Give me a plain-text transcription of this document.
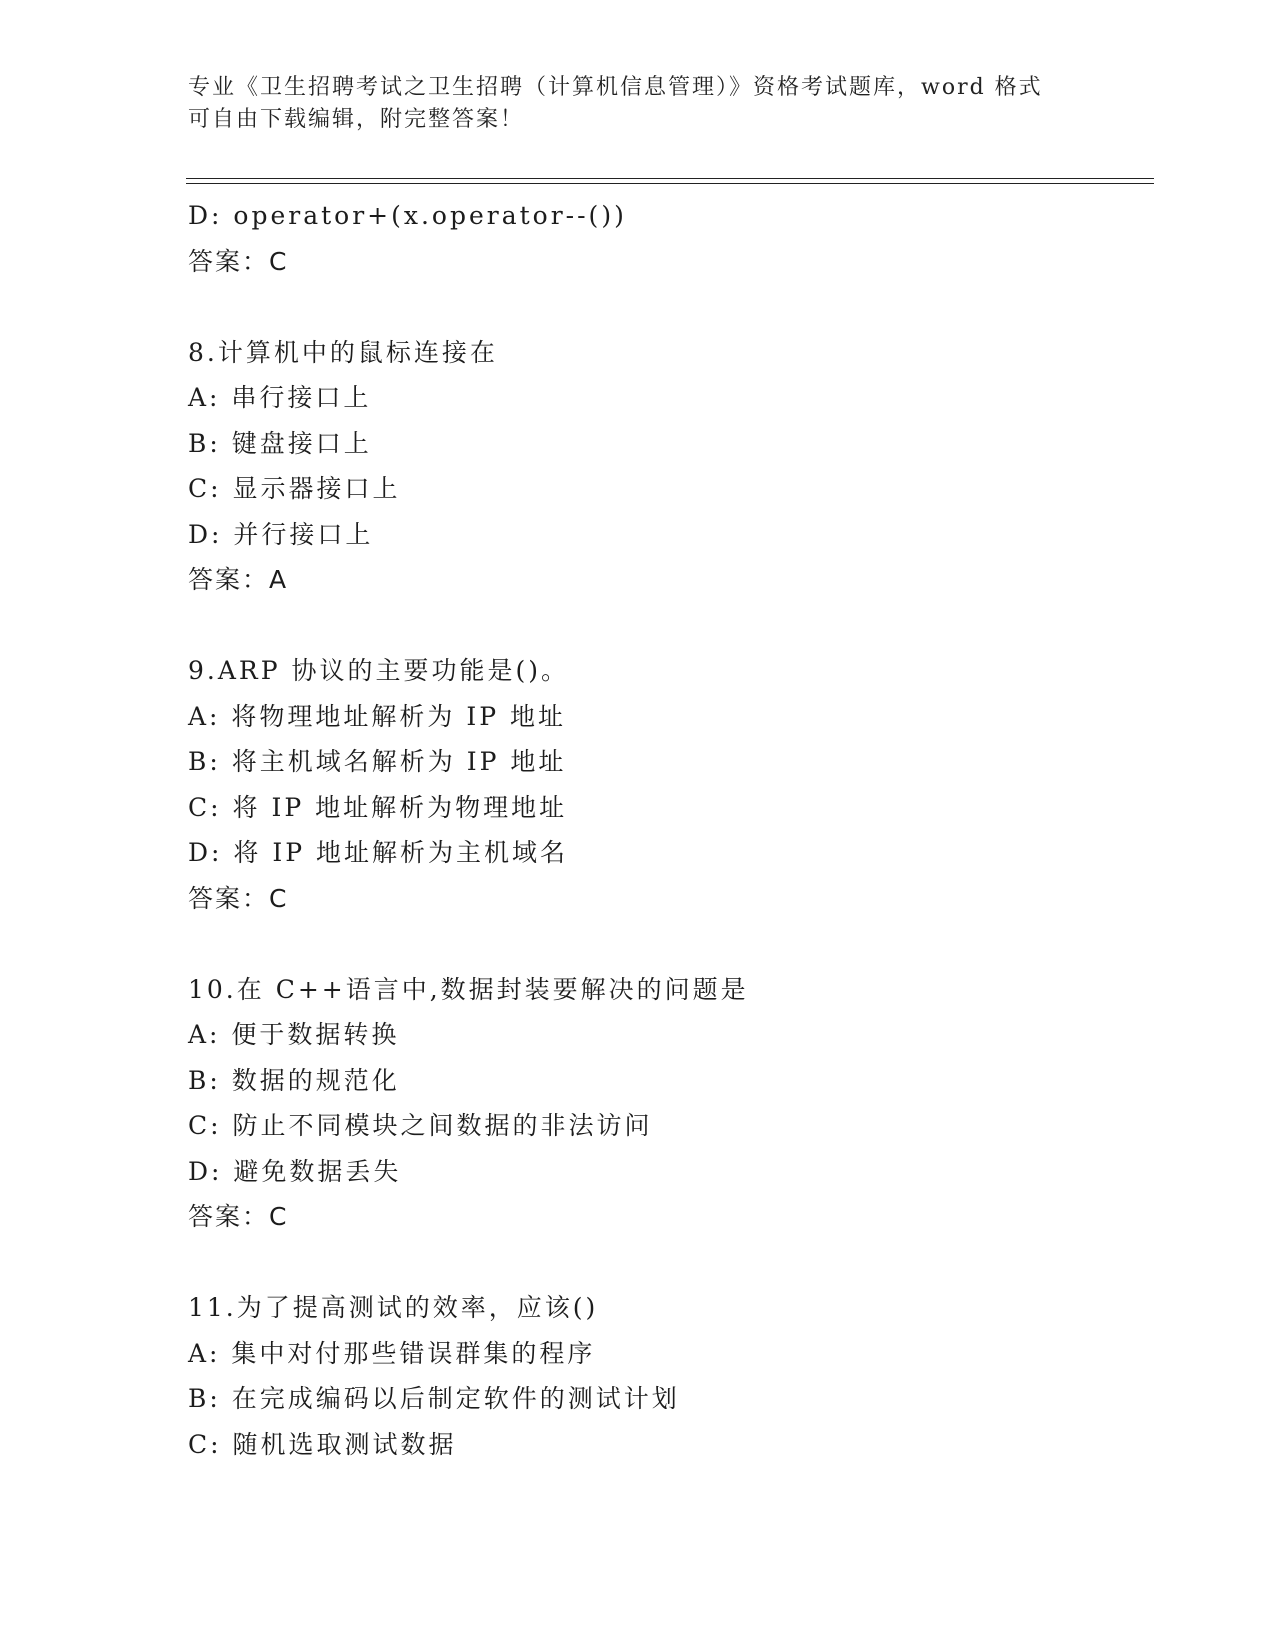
专业《卫生招聘考试之卫生招聘（计算机信息管理）》资格考试题库，word 格式
可自由下载编辑，附完整答案！
D: operator+(x.operator--())
答案：C
8.计算机中的鼠标连接在
A: 串行接口上
B: 键盘接口上
C: 显示器接口上
D: 并行接口上
答案：A
9.ARP 协议的主要功能是()。
A: 将物理地址解析为 IP 地址
B: 将主机域名解析为 IP 地址
C: 将 IP 地址解析为物理地址
D: 将 IP 地址解析为主机域名
答案：C
10.在 C++语言中,数据封装要解决的问题是
A: 便于数据转换
B: 数据的规范化
C: 防止不同模块之间数据的非法访问
D: 避免数据丢失
答案：C
11.为了提高测试的效率，应该()
A: 集中对付那些错误群集的程序
B: 在完成编码以后制定软件的测试计划
C: 随机选取测试数据
